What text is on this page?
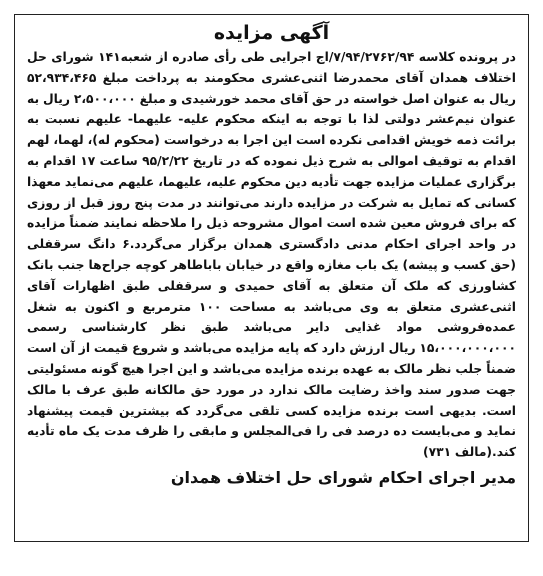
آگهی مزایده

در پرونده کلاسه ۷/۹۴/۲۷۶۲/۹۴/اج اجرایی طی رأی صادره از شعبه۱۴۱ شورای حل اختلاف همدان آقای محمدرضا اثنی‌عشری محکومند به پرداخت مبلغ ۵۲،۹۳۴،۴۶۵ ریال به عنوان اصل خواسته در حق آقای محمد خورشیدی و مبلغ ۲،۵۰۰،۰۰۰ ریال به عنوان نیم‌عشر دولتی لذا با توجه به اینکه محکوم علیه- علیهما- علیهم نسبت به برائت ذمه خویش اقدامی نکرده است این اجرا به درخواست (محکوم له)، لهما، لهم اقدام به توقیف اموالی به شرح ذیل نموده که در تاریخ ۹۵/۲/۲۲ ساعت ۱۷ اقدام به برگزاری عملیات مزایده جهت تأدیه دین محکوم علیه، علیهما، علیهم می‌نماید معهذا کسانی که تمایل به شرکت در مزایده دارند می‌توانند در مدت پنج روز قبل از روزی که برای فروش معین شده است اموال مشروحه ذیل را ملاحظه نمایند ضمناً مزایده در واحد اجرای احکام مدنی دادگستری همدان برگزار می‌گردد.۶ دانگ سرقفلی (حق کسب و پیشه) یک باب مغازه واقع در خیابان باباطاهر کوچه جراح‌ها جنب بانک کشاورزی که ملک آن متعلق به آقای حمیدی و سرقفلی طبق اظهارات آقای اثنی‌عشری متعلق به وی می‌باشد به مساحت ۱۰۰ مترمربع و اکنون به شغل عمده‌فروشی مواد غذایی دایر می‌باشد طبق نظر کارشناسی رسمی ۱۵،۰۰۰،۰۰۰،۰۰۰ ریال ارزش دارد که پایه مزایده می‌باشد و شروع قیمت از آن است ضمناً جلب نظر مالک به عهده برنده مزایده می‌باشد و این اجرا هیچ گونه مسئولیتی جهت صدور سند واخذ رضایت مالک ندارد در مورد حق مالکانه طبق عرف با مالک است. بدیهی است برنده مزایده کسی تلقی می‌گردد که بیشترین قیمت پیشنهاد نماید و می‌بایست ده درصد فی را فی‌المجلس و مابقی را ظرف مدت یک ماه تأدیه کند.(مالف ۷۳۱)

مدیر اجرای احکام شورای حل اختلاف همدان
